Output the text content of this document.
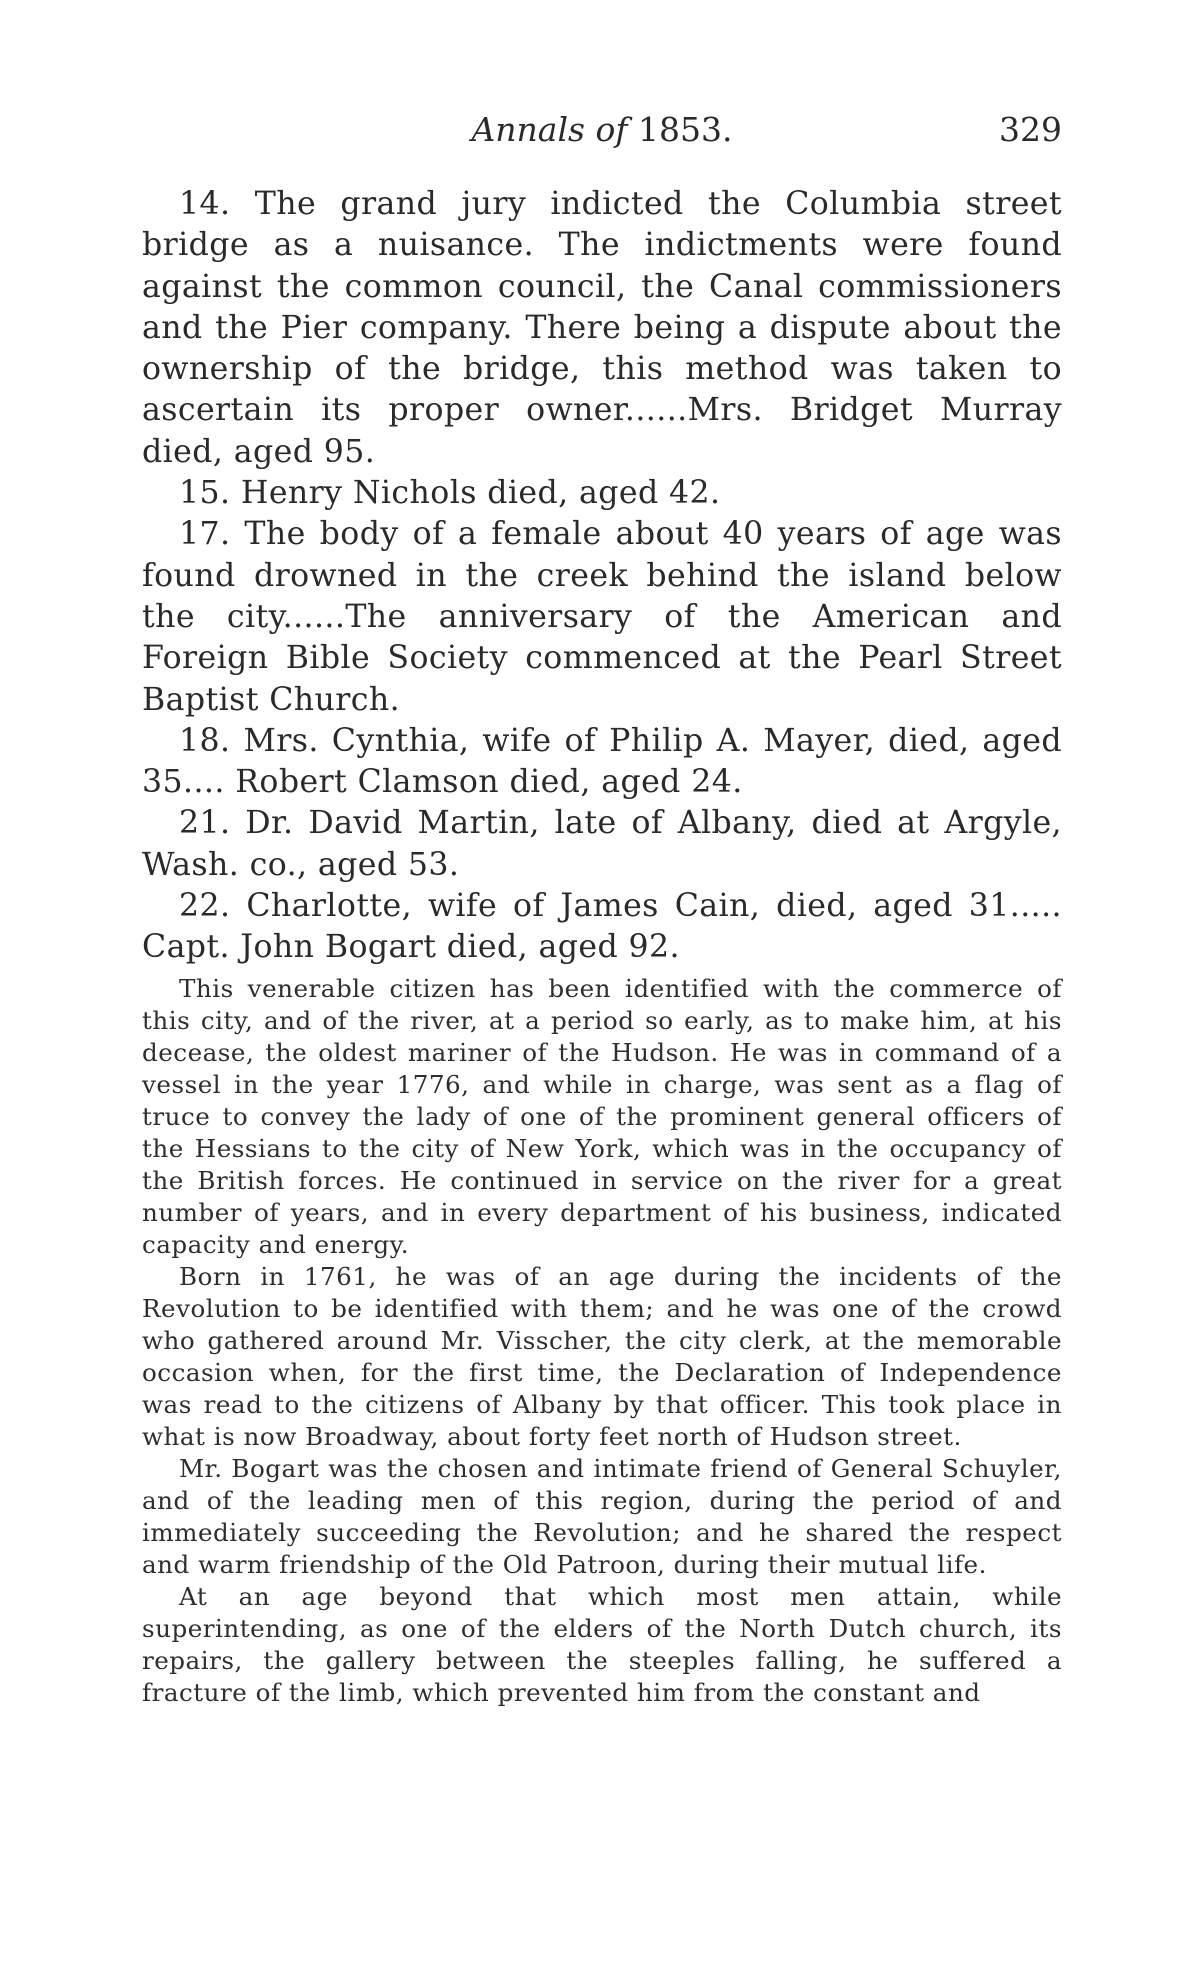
Annals of 1853.	329

14. The grand jury indicted the Columbia street bridge as a nuisance. The indictments were found against the common council, the Canal commissioners and the Pier company. There being a dispute about the ownership of the bridge, this method was taken to ascertain its proper owner......Mrs. Bridget Murray died, aged 95.

15. Henry Nichols died, aged 42.

17. The body of a female about 40 years of age was found drowned in the creek behind the island below the city......The anniversary of the American and Foreign Bible Society commenced at the Pearl Street Baptist Church.

18. Mrs. Cynthia, wife of Philip A. Mayer, died, aged 35.... Robert Clamson died, aged 24.

21. Dr. David Martin, late of Albany, died at Argyle, Wash. co., aged 53.

22. Charlotte, wife of James Cain, died, aged 31..... Capt. John Bogart died, aged 92.

This venerable citizen has been identified with the commerce of this city, and of the river, at a period so early, as to make him, at his decease, the oldest mariner of the Hudson. He was in command of a vessel in the year 1776, and while in charge, was sent as a flag of truce to convey the lady of one of the prominent general officers of the Hessians to the city of New York, which was in the occupancy of the British forces. He continued in service on the river for a great number of years, and in every department of his business, indicated capacity and energy.

Born in 1761, he was of an age during the incidents of the Revolution to be identified with them; and he was one of the crowd who gathered around Mr. Visscher, the city clerk, at the memorable occasion when, for the first time, the Declaration of Independence was read to the citizens of Albany by that officer. This took place in what is now Broadway, about forty feet north of Hudson street.

Mr. Bogart was the chosen and intimate friend of General Schuyler, and of the leading men of this region, during the period of and immediately succeeding the Revolution; and he shared the respect and warm friendship of the Old Patroon, during their mutual life.

At an age beyond that which most men attain, while superintending, as one of the elders of the North Dutch church, its repairs, the gallery between the steeples falling, he suffered a fracture of the limb, which prevented him from the constant and
